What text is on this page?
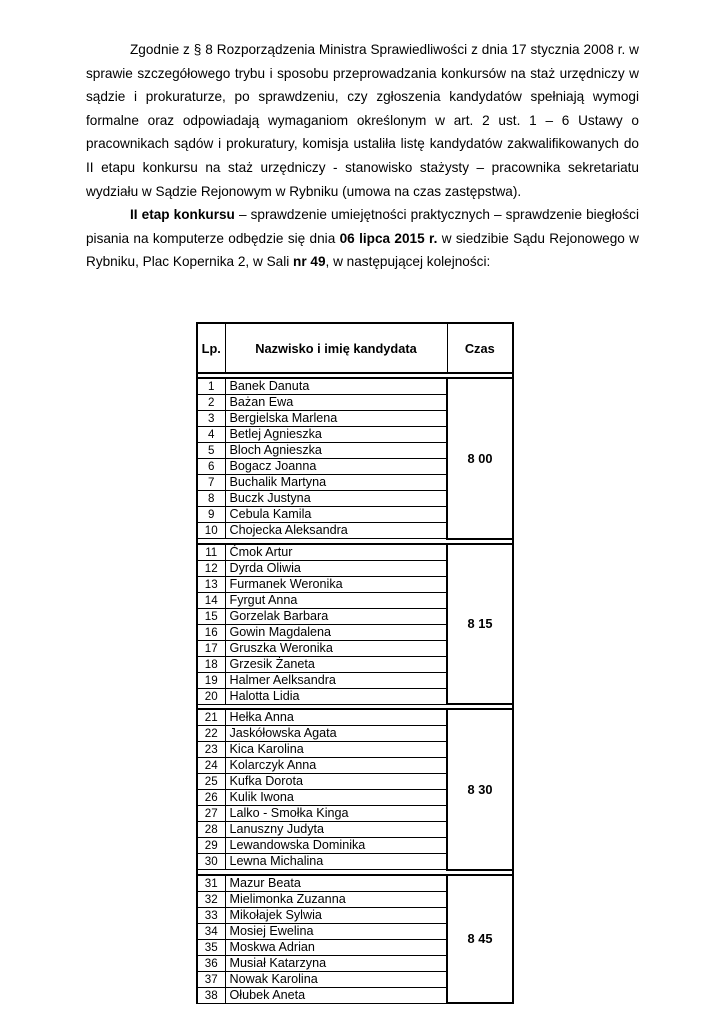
Zgodnie z § 8 Rozporządzenia Ministra Sprawiedliwości z dnia 17 stycznia 2008 r. w sprawie szczegółowego trybu i sposobu przeprowadzania konkursów na staż urzędniczy w sądzie i prokuraturze, po sprawdzeniu, czy zgłoszenia kandydatów spełniają wymogi formalne oraz odpowiadają wymaganiom określonym w art. 2 ust. 1 – 6 Ustawy o pracownikach sądów i prokuratury, komisja ustaliła listę kandydatów zakwalifikowanych do II etapu konkursu na staż urzędniczy - stanowisko stażysty – pracownika sekretariatu wydziału w Sądzie Rejonowym w Rybniku (umowa na czas zastępstwa).

II etap konkursu – sprawdzenie umiejętności praktycznych – sprawdzenie biegłości pisania na komputerze odbędzie się dnia 06 lipca 2015 r. w siedzibie Sądu Rejonowego w Rybniku, Plac Kopernika 2, w Sali nr 49, w następującej kolejności:

Lp.	Nazwisko i imię kandydata	Czas

1	Banek Danuta	8 00
2	Bażan Ewa	
3	Bergielska Marlena	
4	Betlej Agnieszka	
5	Bloch Agnieszka	
6	Bogacz Joanna	
7	Buchalik Martyna	
8	Buczk Justyna	
9	Cebula Kamila	
10	Chojecka Aleksandra	

11	Ćmok Artur	8 15
12	Dyrda Oliwia	
13	Furmanek Weronika	
14	Fyrgut Anna	
15	Gorzelak Barbara	
16	Gowin Magdalena	
17	Gruszka Weronika	
18	Grzesik Żaneta	
19	Halmer Aelksandra	
20	Halotta Lidia	

21	Hełka Anna	8 30
22	Jaskółowska Agata	
23	Kica Karolina	
24	Kolarczyk Anna	
25	Kufka Dorota	
26	Kulik Iwona	
27	Lalko - Smołka Kinga	
28	Lanuszny Judyta	
29	Lewandowska Dominika	
30	Lewna Michalina	

31	Mazur Beata	8 45
32	Mielimonka Zuzanna	
33	Mikołajek Sylwia	
34	Mosiej Ewelina	
35	Moskwa Adrian	
36	Musiał Katarzyna	
37	Nowak Karolina	
38	Ołubek Aneta	
